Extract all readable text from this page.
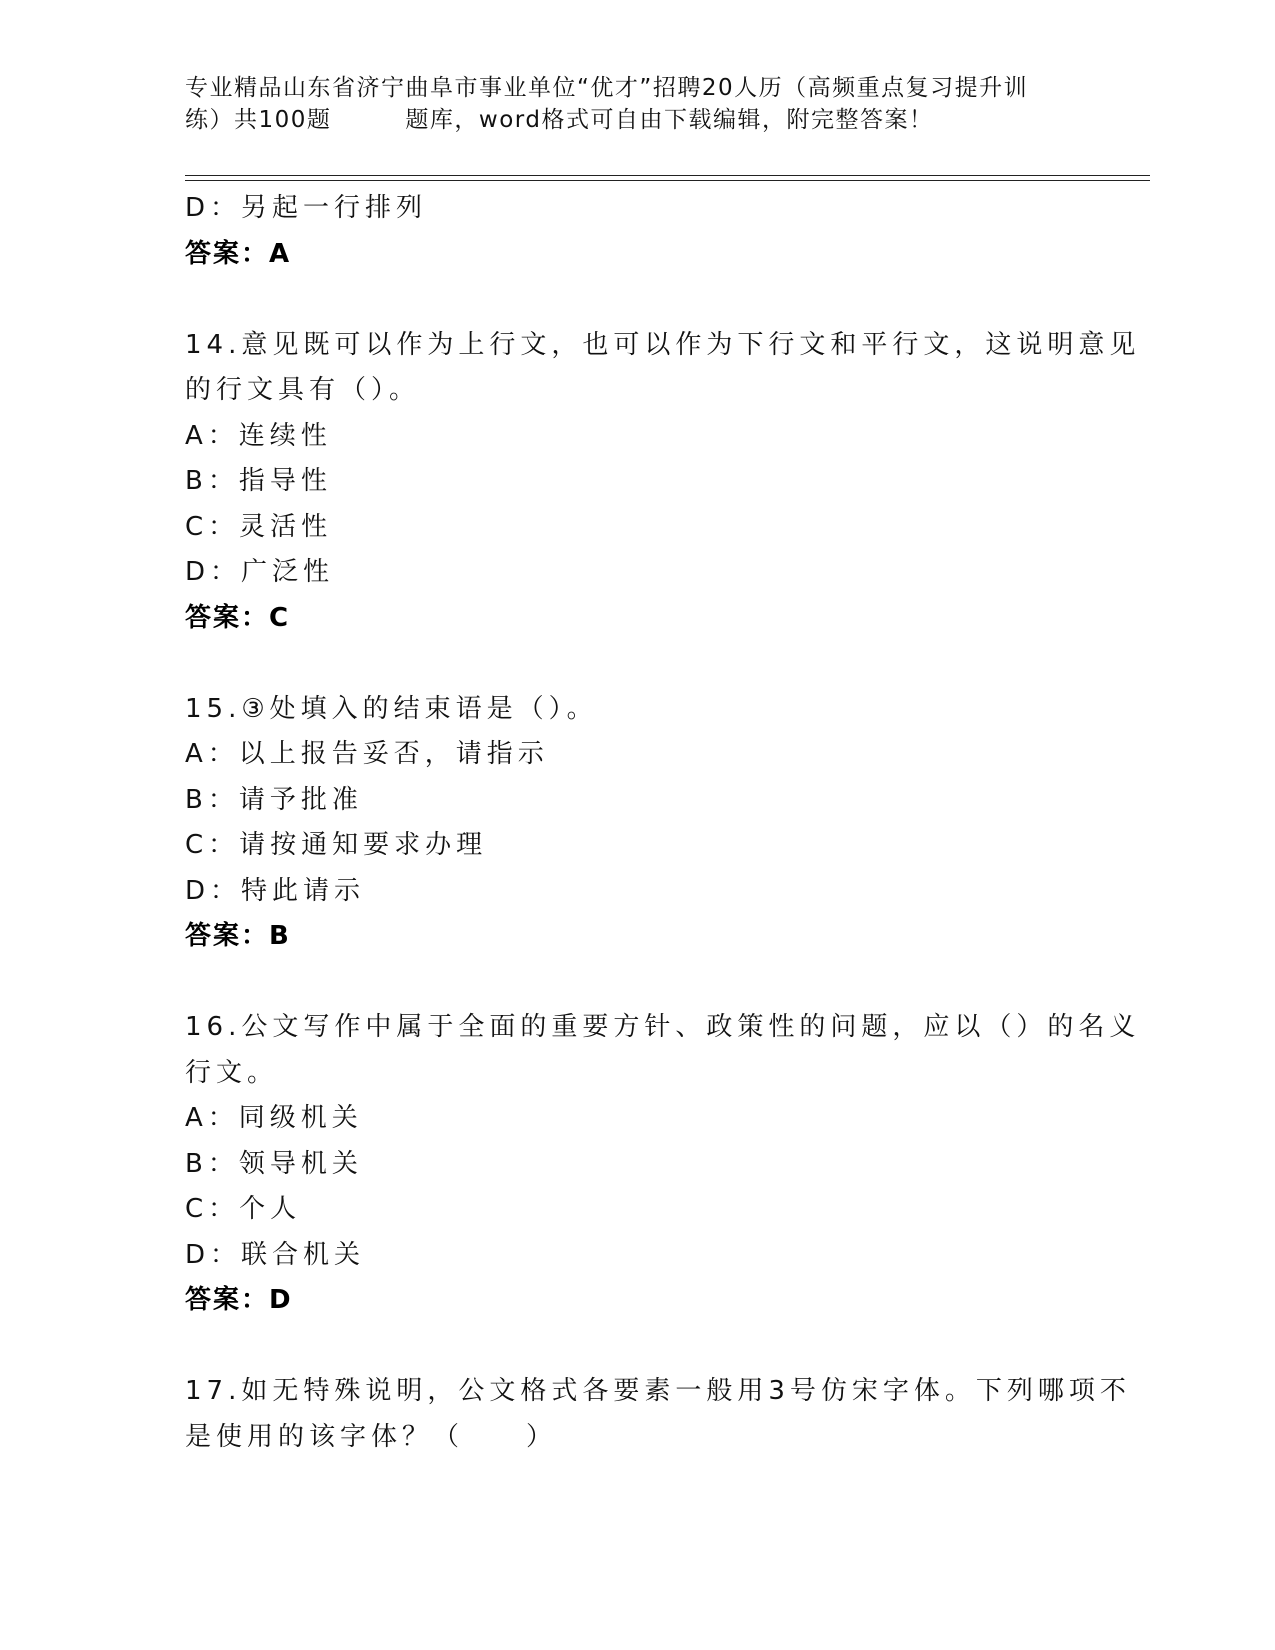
专业精品山东省济宁曲阜市事业单位“优才”招聘20人历（高频重点复习提升训
练）共100题	题库，word格式可自由下载编辑，附完整答案！
D：另起一行排列
答案：A
14.意见既可以作为上行文，也可以作为下行文和平行文，这说明意见
的行文具有（）。
A：连续性
B：指导性
C：灵活性
D：广泛性
答案：C
15.③处填入的结束语是（）。
A：以上报告妥否，请指示
B：请予批准
C：请按通知要求办理
D：特此请示
答案：B
16.公文写作中属于全面的重要方针、政策性的问题，应以（）的名义
行文。
A：同级机关
B：领导机关
C：个人
D：联合机关
答案：D
17.如无特殊说明，公文格式各要素一般用3号仿宋字体。下列哪项不
是使用的该字体？（　　）
